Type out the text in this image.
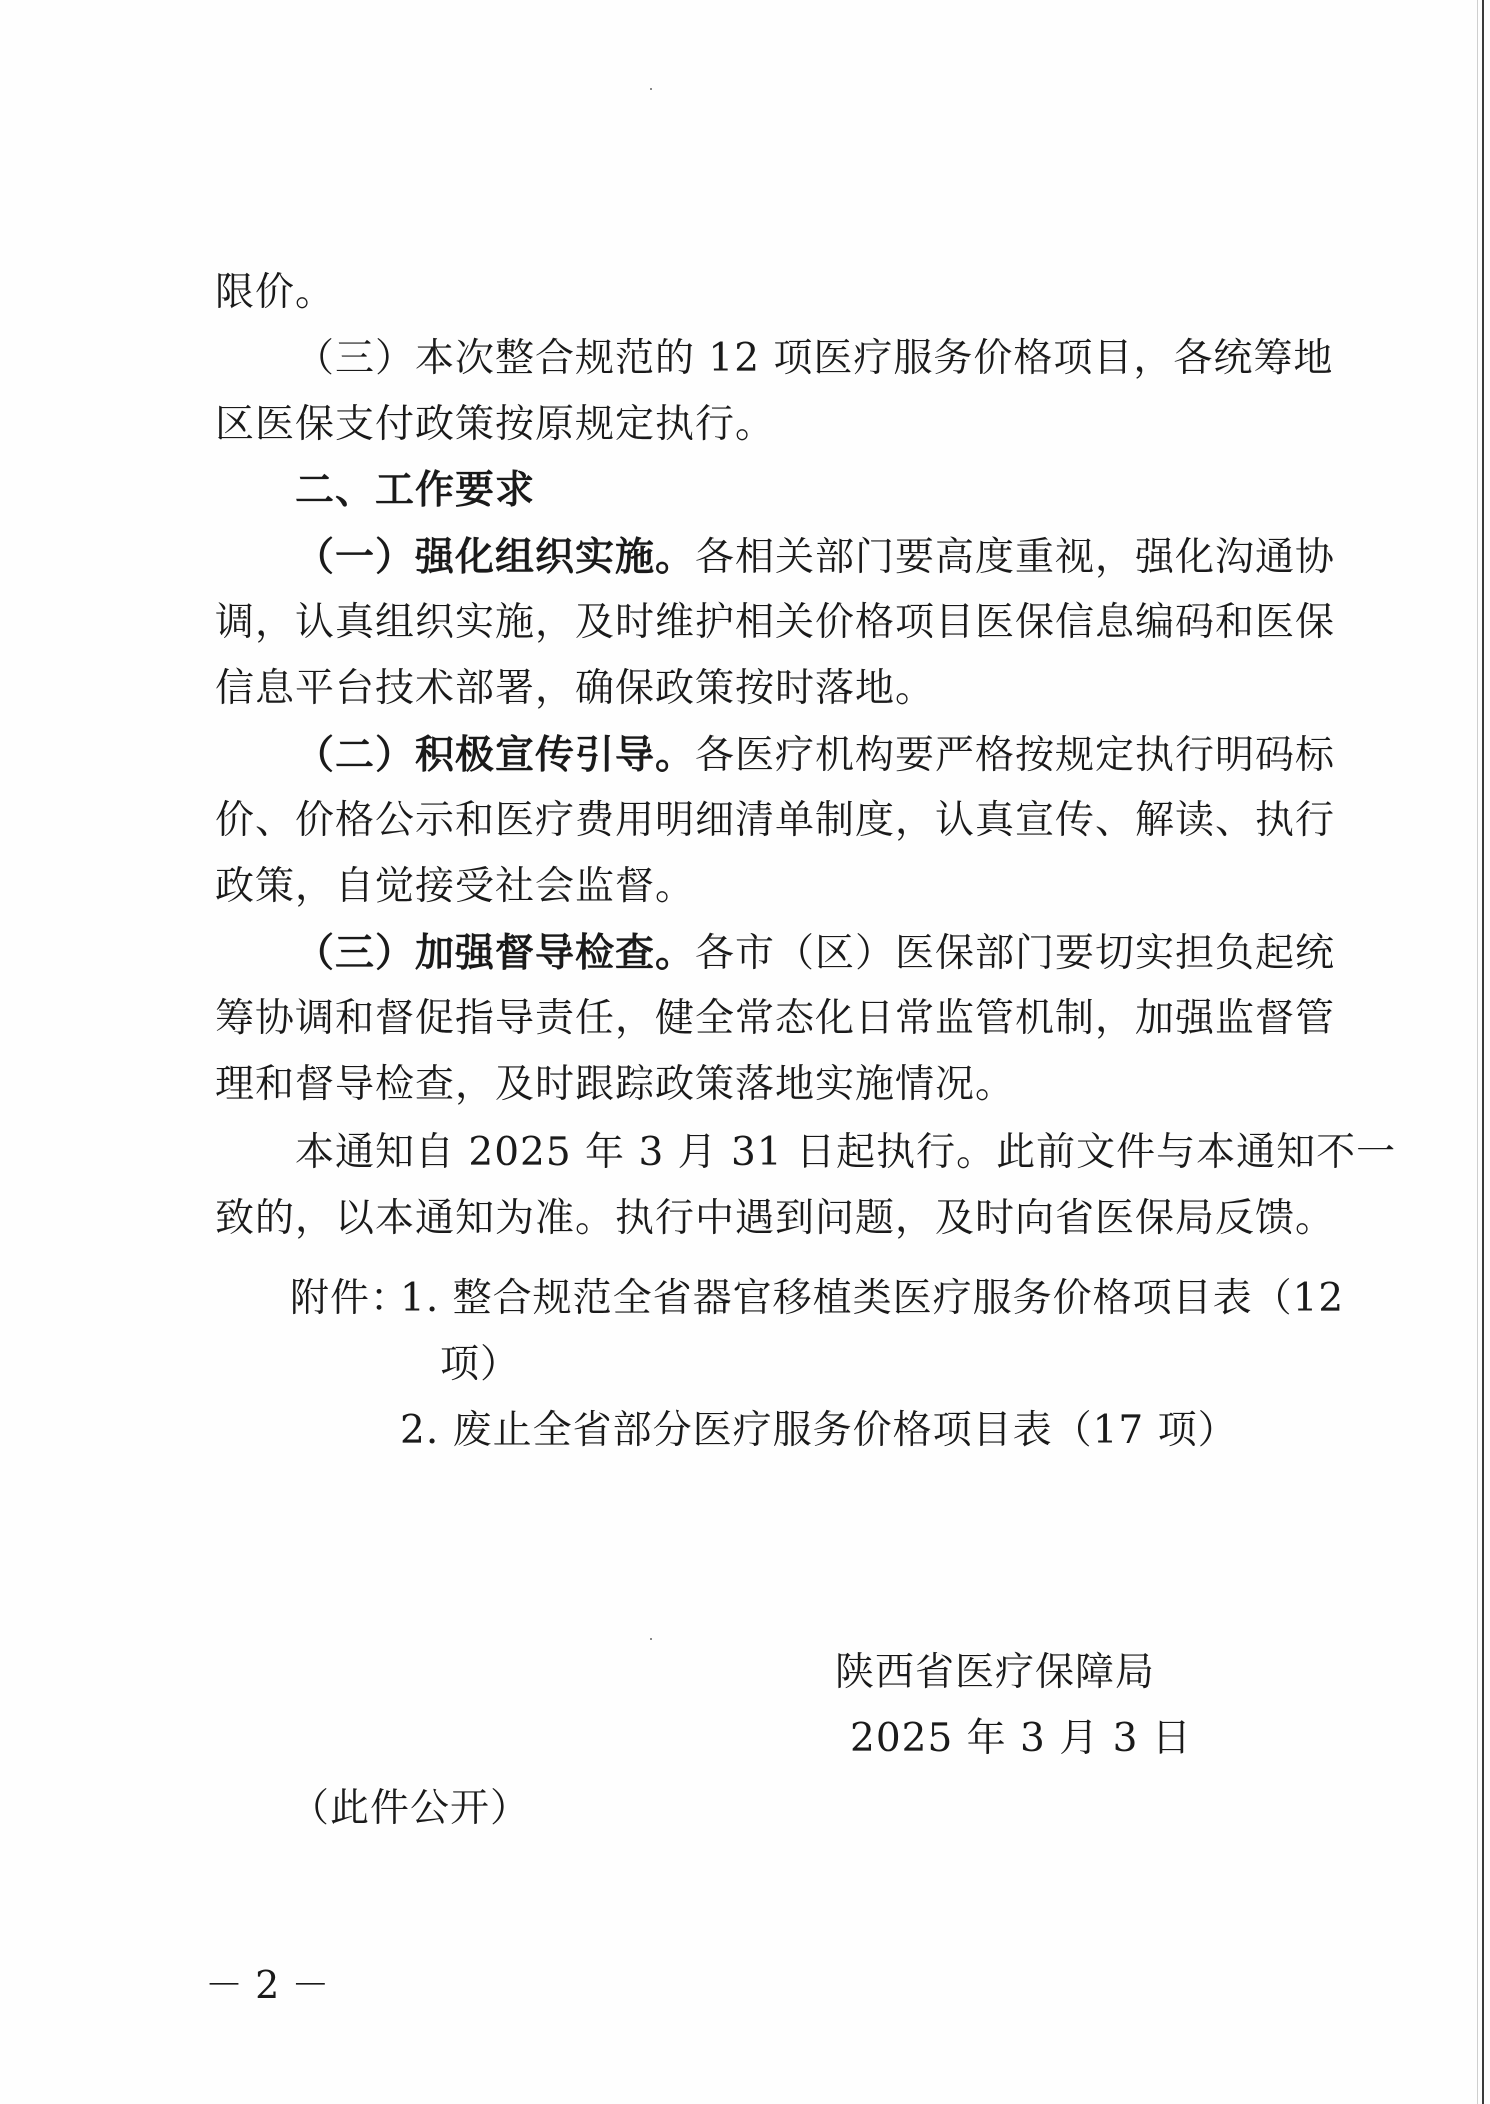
限价。
（三）本次整合规范的 12 项医疗服务价格项目，各统筹地
区医保支付政策按原规定执行。
二、工作要求
（一）强化组织实施。各相关部门要高度重视，强化沟通协
调，认真组织实施，及时维护相关价格项目医保信息编码和医保
信息平台技术部署，确保政策按时落地。
（二）积极宣传引导。各医疗机构要严格按规定执行明码标
价、价格公示和医疗费用明细清单制度，认真宣传、解读、执行
政策，自觉接受社会监督。
（三）加强督导检查。各市（区）医保部门要切实担负起统
筹协调和督促指导责任，健全常态化日常监管机制，加强监督管
理和督导检查，及时跟踪政策落地实施情况。
本通知自 2025 年 3 月 31 日起执行。此前文件与本通知不一
致的，以本通知为准。执行中遇到问题，及时向省医保局反馈。
附件：
1. 整合规范全省器官移植类医疗服务价格项目表（12
项）
2. 废止全省部分医疗服务价格项目表（17 项）
陕西省医疗保障局
2025 年 3 月 3 日
（此件公开）
－ 2 －
